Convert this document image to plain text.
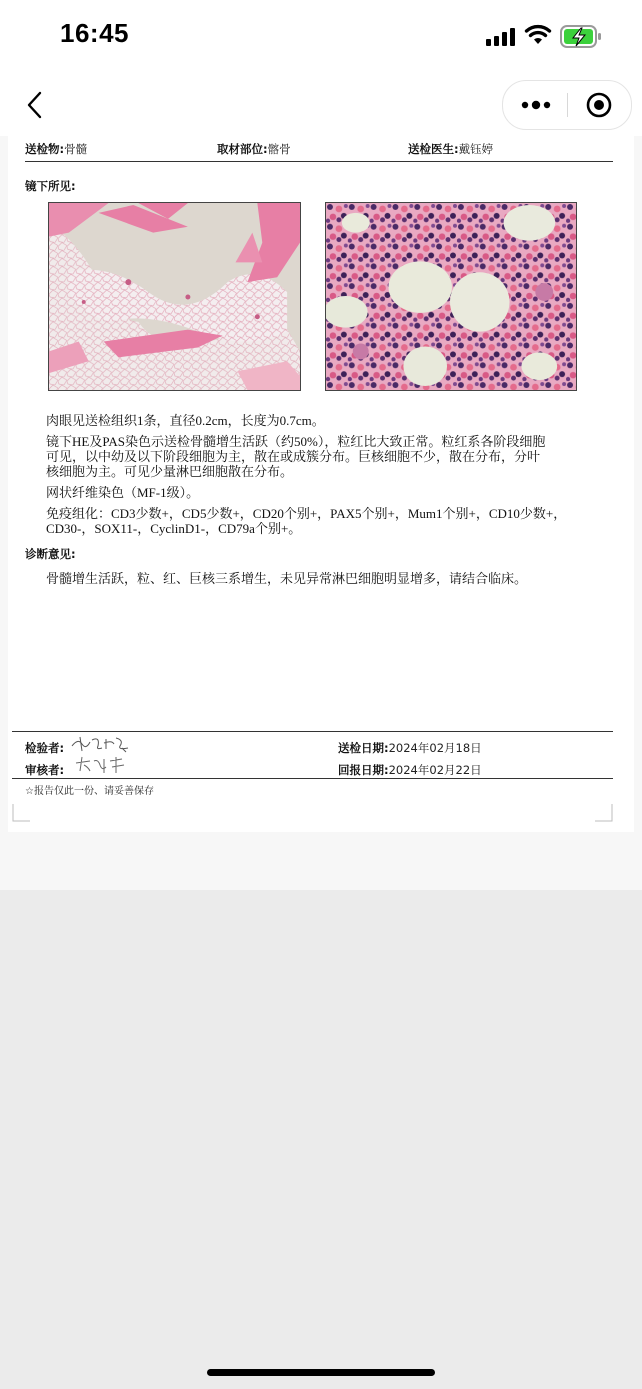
16:45
送检物:骨髓	取材部位:髂骨	送检医生:戴钰婷
镜下所见:
肉眼见送检组织1条，直径0.2cm，长度为0.7cm。
镜下HE及PAS染色示送检骨髓增生活跃（约50%），粒红比大致正常。粒红系各阶段细胞
可见，以中幼及以下阶段细胞为主，散在或成簇分布。巨核细胞不少，散在分布，分叶
核细胞为主。可见少量淋巴细胞散在分布。
网状纤维染色（MF-1级）。
免疫组化：CD3少数+，CD5少数+，CD20个别+，PAX5个别+，Mum1个别+，CD10少数+，
CD30-，SOX11-，CyclinD1-，CD79a个别+。
诊断意见:
骨髓增生活跃，粒、红、巨核三系增生，未见异常淋巴细胞明显增多，请结合临床。
检验者:
审核者:
送检日期:2024年02月18日
回报日期:2024年02月22日
☆报告仅此一份、请妥善保存
